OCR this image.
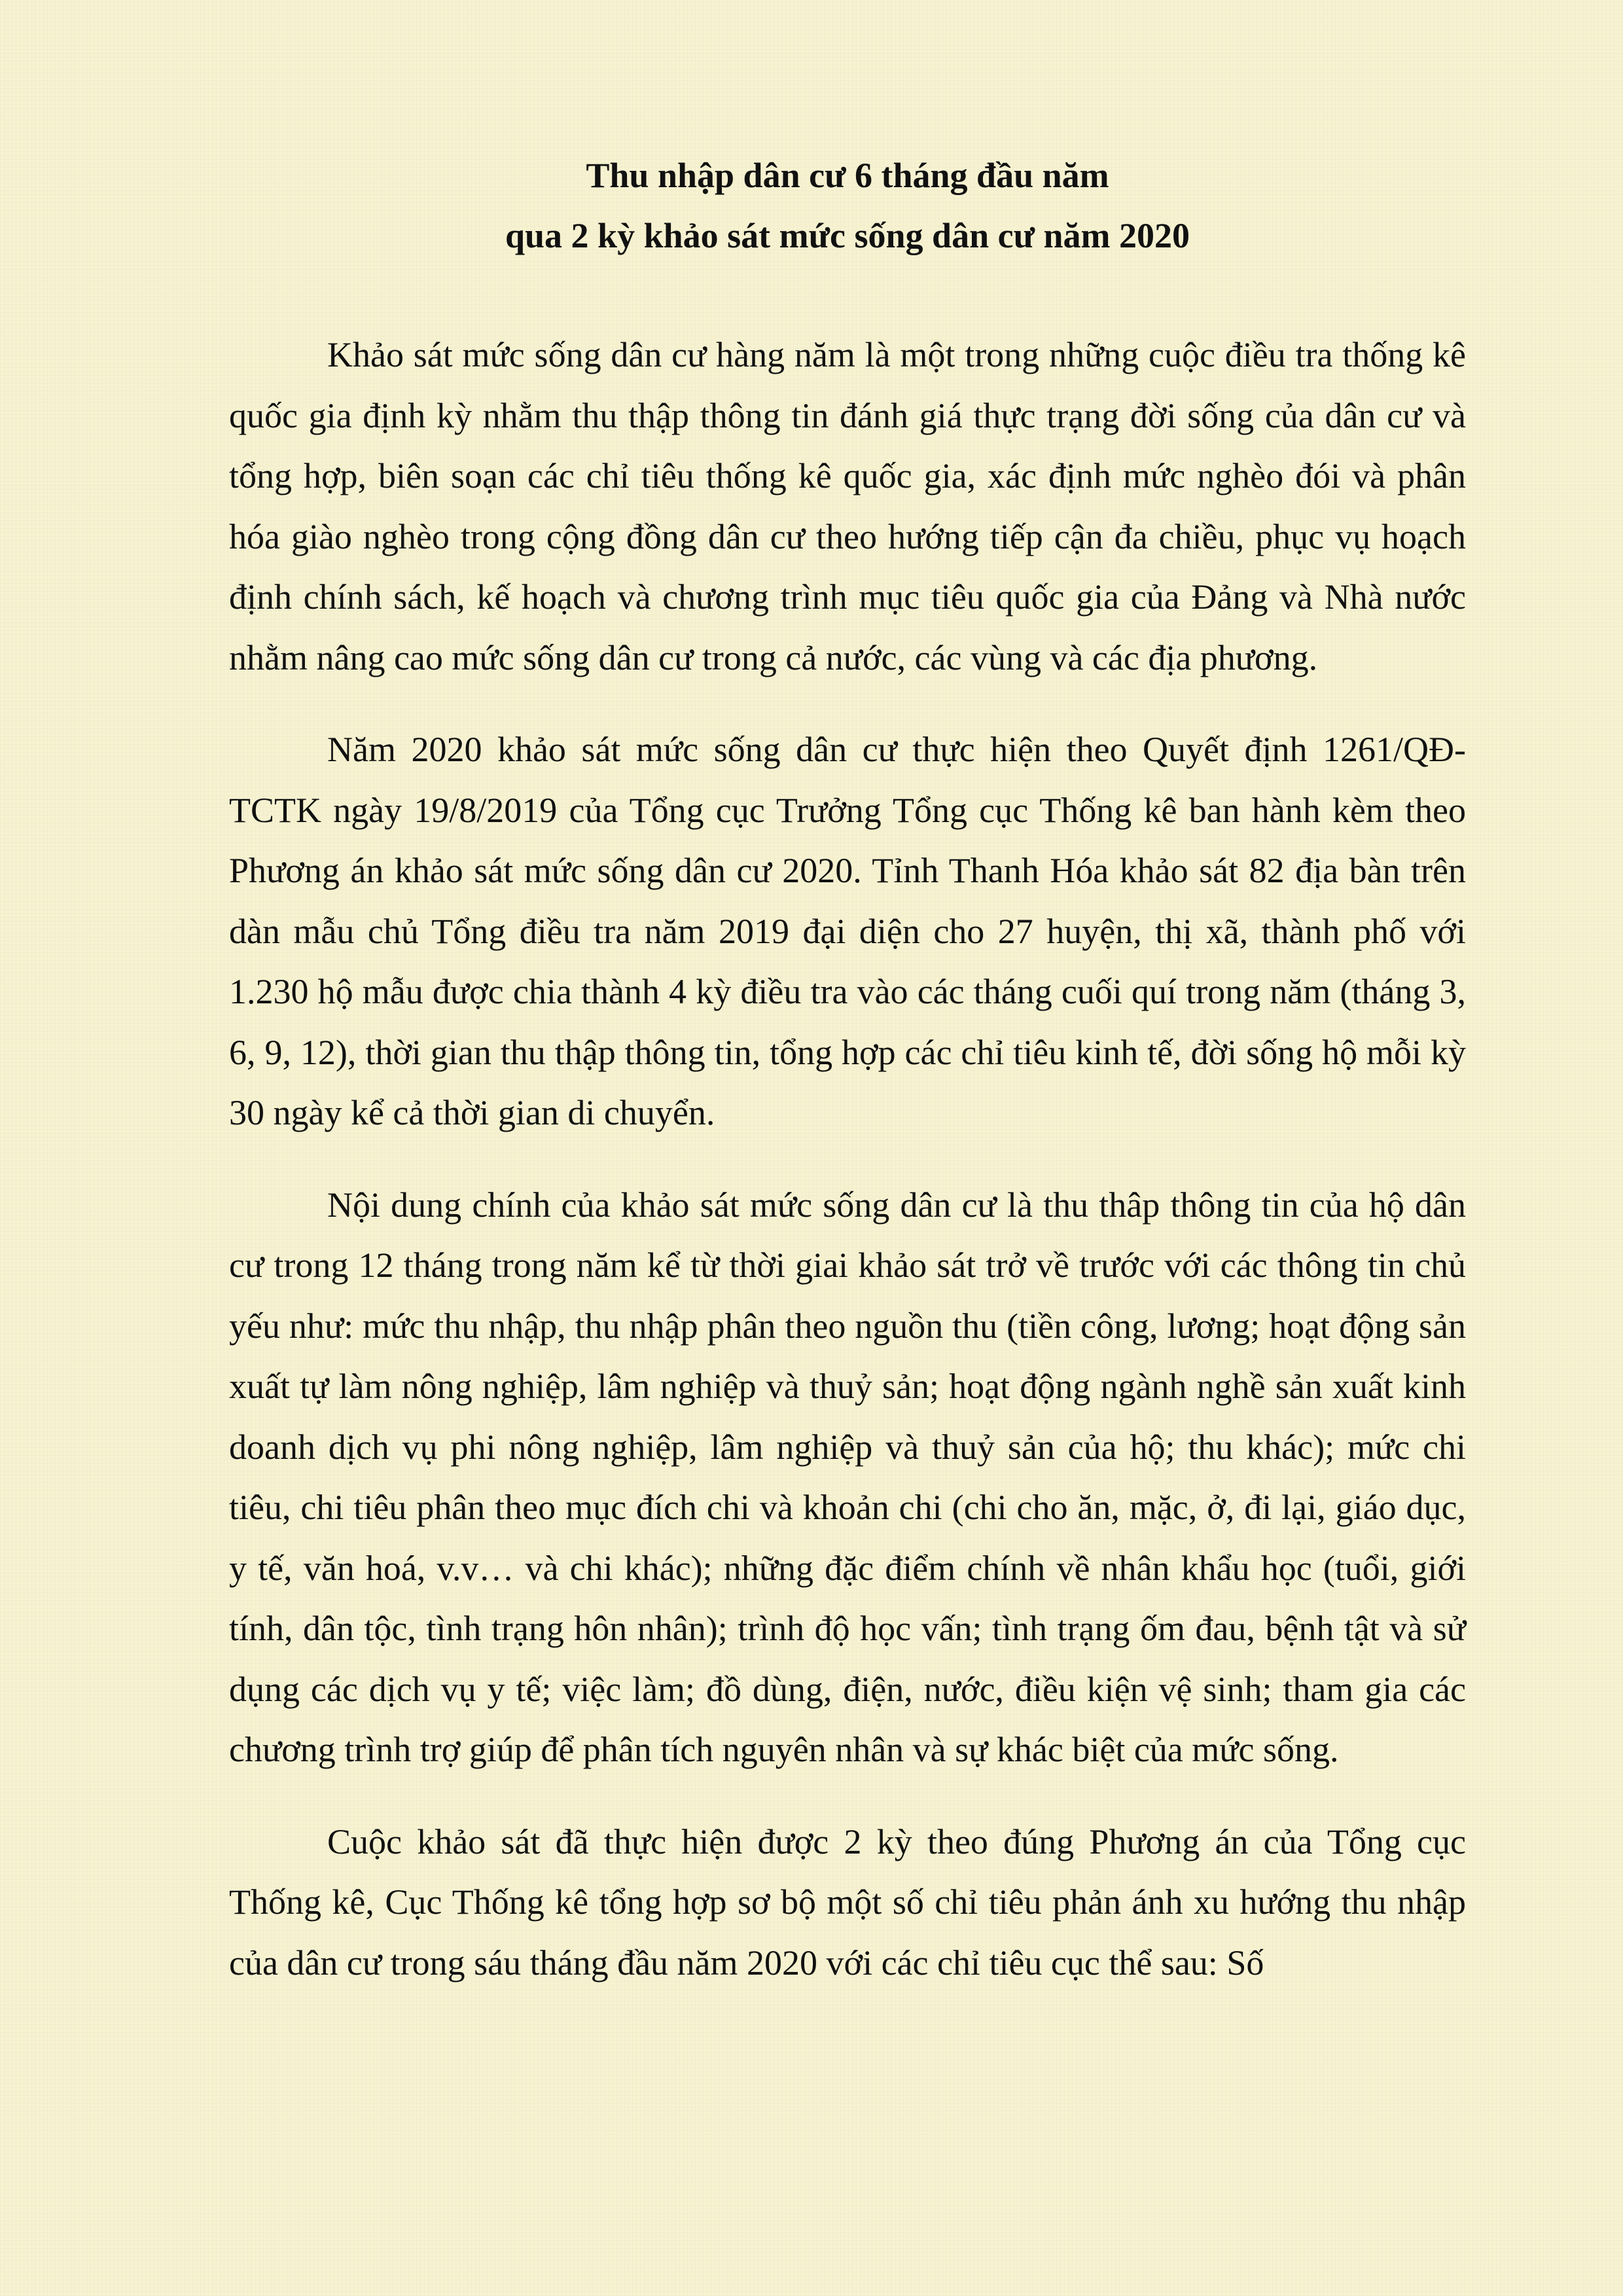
Thu nhập dân cư 6 tháng đầu năm
qua 2 kỳ khảo sát mức sống dân cư năm 2020

Khảo sát mức sống dân cư hàng năm là một trong những cuộc điều tra thống kê quốc gia định kỳ nhằm thu thập thông tin đánh giá thực trạng đời sống của dân cư và tổng hợp, biên soạn các chỉ tiêu thống kê quốc gia, xác định mức nghèo đói và phân hóa giào nghèo trong cộng đồng dân cư theo hướng tiếp cận đa chiều, phục vụ hoạch định chính sách, kế hoạch và chương trình mục tiêu quốc gia của Đảng và Nhà nước nhằm nâng cao mức sống dân cư trong cả nước, các vùng và các địa phương.

Năm 2020 khảo sát mức sống dân cư thực hiện theo Quyết định 1261/QĐ-TCTK ngày 19/8/2019 của Tổng cục Trưởng Tổng cục Thống kê ban hành kèm theo Phương án khảo sát mức sống dân cư 2020. Tỉnh Thanh Hóa khảo sát 82 địa bàn trên dàn mẫu chủ Tổng điều tra năm 2019 đại diện cho 27 huyện, thị xã, thành phố với 1.230 hộ mẫu được chia thành 4 kỳ điều tra vào các tháng cuối quí trong năm (tháng 3, 6, 9, 12), thời gian thu thập thông tin, tổng hợp các chỉ tiêu kinh tế, đời sống hộ mỗi kỳ 30 ngày kể cả thời gian di chuyển.

Nội dung chính của khảo sát mức sống dân cư là thu thâp thông tin của hộ dân cư trong 12 tháng trong năm kể từ thời giai khảo sát trở về trước với các thông tin chủ yếu như: mức thu nhập, thu nhập phân theo nguồn thu (tiền công, lương; hoạt động sản xuất tự làm nông nghiệp, lâm nghiệp và thuỷ sản; hoạt động ngành nghề sản xuất kinh doanh dịch vụ phi nông nghiệp, lâm nghiệp và thuỷ sản của hộ; thu khác); mức chi tiêu, chi tiêu phân theo mục đích chi và khoản chi (chi cho ăn, mặc, ở, đi lại, giáo dục, y tế, văn hoá, v.v… và chi khác); những đặc điểm chính về nhân khẩu học (tuổi, giới tính, dân tộc, tình trạng hôn nhân); trình độ học vấn; tình trạng ốm đau, bệnh tật và sử dụng các dịch vụ y tế; việc làm; đồ dùng, điện, nước, điều kiện vệ sinh; tham gia các chương trình trợ giúp để phân tích nguyên nhân và sự khác biệt của mức sống.

Cuộc khảo sát đã thực hiện được 2 kỳ theo đúng Phương án của Tổng cục Thống kê, Cục Thống kê tổng hợp sơ bộ một số chỉ tiêu phản ánh xu hướng thu nhập của dân cư trong sáu tháng đầu năm 2020 với các chỉ tiêu cục thể sau: Số
